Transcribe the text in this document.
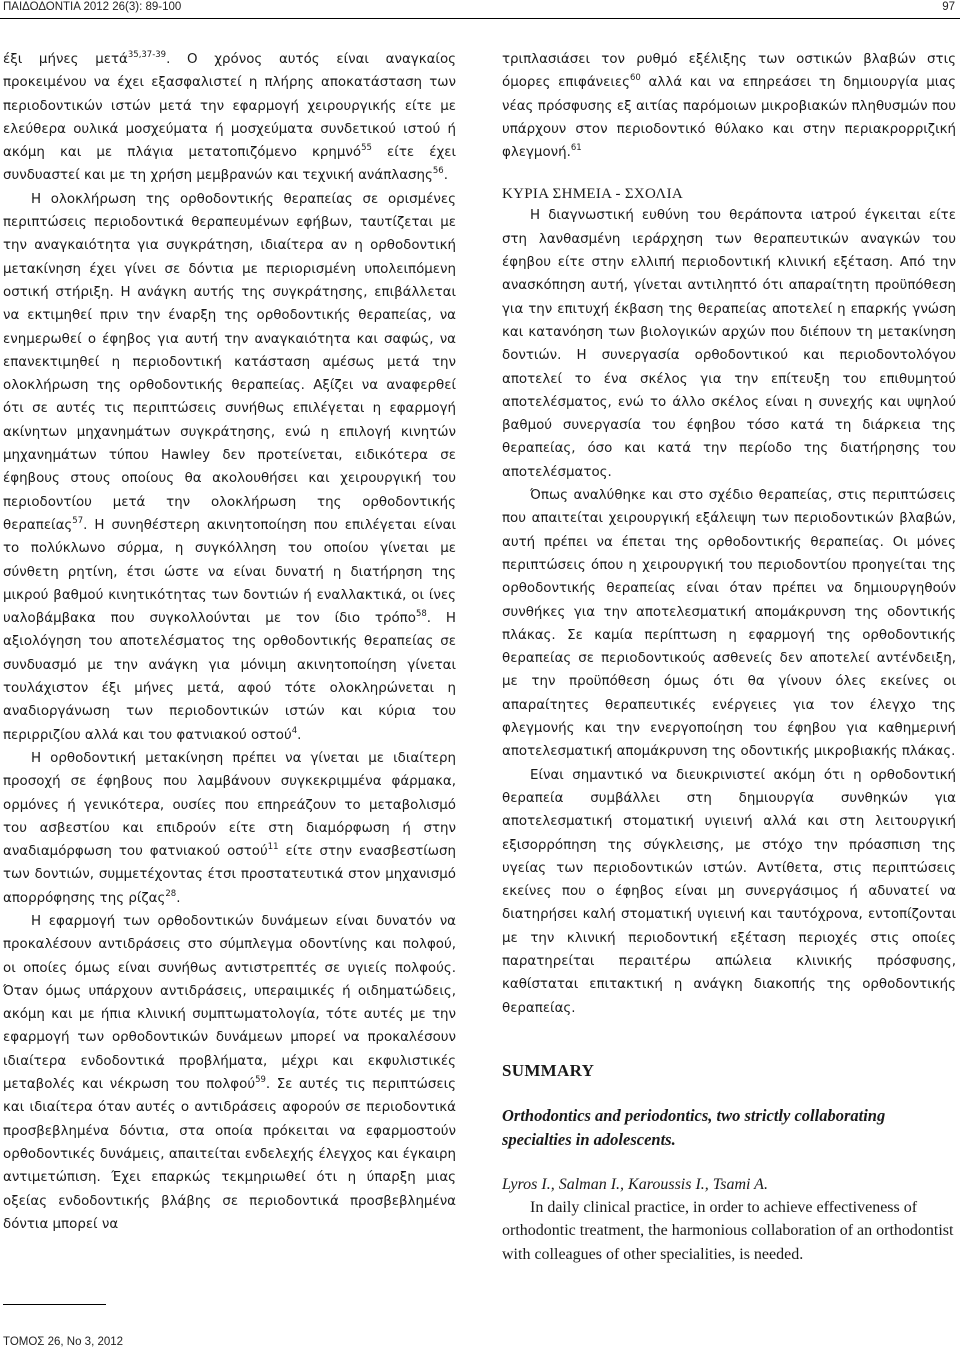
ΠΑΙΔΟΔΟΝΤΙΑ 2012 26(3): 89-100	97

έξι μήνες μετά$^{35,37-39}$. Ο χρόνος αυτός είναι αναγκαίος προκειμένου να έχει εξασφαλιστεί η πλήρης αποκατάσταση των περιοδοντικών ιστών μετά την εφαρμογή χειρουργικής είτε με ελεύθερα ουλικά μοσχεύματα ή μοσχεύματα συνδετικού ιστού ή ακόμη και με πλάγια μετατοπιζόμενο κρημνό$^{55}$ είτε έχει συνδυαστεί και με τη χρήση μεμβρανών και τεχνική ανάπλασης$^{56}$.

Η ολοκλήρωση της ορθοδοντικής θεραπείας σε ορισμένες περιπτώσεις περιοδοντικά θεραπευμένων εφήβων, ταυτίζεται με την αναγκαιότητα για συγκράτηση, ιδιαίτερα αν η ορθοδοντική μετακίνηση έχει γίνει σε δόντια με περιορισμένη υπολειπόμενη οστική στήριξη. Η ανάγκη αυτής της συγκράτησης, επιβάλλεται να εκτιμηθεί πριν την έναρξη της ορθοδοντικής θεραπείας, να ενημερωθεί ο έφηβος για αυτή την αναγκαιότητα και σαφώς, να επανεκτιμηθεί η περιοδοντική κατάσταση αμέσως μετά την ολοκλήρωση της ορθοδοντικής θεραπείας. Αξίζει να αναφερθεί ότι σε αυτές τις περιπτώσεις συνήθως επιλέγεται η εφαρμογή ακίνητων μηχανημάτων συγκράτησης, ενώ η επιλογή κινητών μηχανημάτων τύπου Hawley δεν προτείνεται, ειδικότερα σε έφηβους στους οποίους θα ακολουθήσει και χειρουργική του περιοδοντίου μετά την ολοκλήρωση της ορθοδοντικής θεραπείας$^{57}$. Η συνηθέστερη ακινητοποίηση που επιλέγεται είναι το πολύκλωνο σύρμα, η συγκόλληση του οποίου γίνεται με σύνθετη ρητίνη, έτσι ώστε να είναι δυνατή η διατήρηση της μικρού βαθμού κινητικότητας των δοντιών ή εναλλακτικά, οι ίνες υαλοβάμβακα που συγκολλούνται με τον ίδιο τρόπο$^{58}$. Η αξιολόγηση του αποτελέσματος της ορθοδοντικής θεραπείας σε συνδυασμό με την ανάγκη για μόνιμη ακινητοποίηση γίνεται τουλάχιστον έξι μήνες μετά, αφού τότε ολοκληρώνεται η αναδιοργάνωση των περιοδοντικών ιστών και κύρια του περιρριζίου αλλά και του φατνιακού οστού$^4$.

Η ορθοδοντική μετακίνηση πρέπει να γίνεται με ιδιαίτερη προσοχή σε έφηβους που λαμβάνουν συγκεκριμμένα φάρμακα, ορμόνες ή γενικότερα, ουσίες που επηρεάζουν το μεταβολισμό του ασβεστίου και επιδρούν είτε στη διαμόρφωση ή στην αναδιαμόρφωση του φατνιακού οστού$^{11}$ είτε στην ενασβεστίωση των δοντιών, συμμετέχοντας έτσι προστατευτικά στον μηχανισμό απορρόφησης της ρίζας$^{28}$.

Η εφαρμογή των ορθοδοντικών δυνάμεων είναι δυνατόν να προκαλέσουν αντιδράσεις στο σύμπλεγμα οδοντίνης και πολφού, οι οποίες όμως είναι συνήθως αντιστρεπτές σε υγιείς πολφούς. Όταν όμως υπάρχουν αντιδράσεις, υπεραιμικές ή οιδηματώδεις, ακόμη και με ήπια κλινική συμπτωματολογία, τότε αυτές με την εφαρμογή των ορθοδοντικών δυνάμεων μπορεί να προκαλέσουν ιδιαίτερα ενδοδοντικά προβλήματα, μέχρι και εκφυλιστικές μεταβολές και νέκρωση του πολφού$^{59}$. Σε αυτές τις περιπτώσεις και ιδιαίτερα όταν αυτές ο αντιδράσεις αφορούν σε περιοδοντικά προσβεβλημένα δόντια, στα οποία πρόκειται να εφαρμοστούν ορθοδοντικές δυνάμεις, απαιτείται ενδελεχής έλεγχος και έγκαιρη αντιμετώπιση. Έχει επαρκώς τεκμηριωθεί ότι η ύπαρξη μιας οξείας ενδοδοντικής βλάβης σε περιοδοντικά προσβεβλημένα δόντια μπορεί να

τριπλασιάσει τον ρυθμό εξέλιξης των οστικών βλαβών στις όμορες επιφάνειες$^{60}$ αλλά και να επηρεάσει τη δημιουργία μιας νέας πρόσφυσης εξ αιτίας παρόμοιων μικροβιακών πληθυσμών που υπάρχουν στον περιοδοντικό θύλακο και στην περιακρορριζική φλεγμονή.$^{61}$

ΚΥΡΙΑ ΣΗΜΕΙΑ - ΣΧΟΛΙΑ

Η διαγνωστική ευθύνη του θεράποντα ιατρού έγκειται είτε στη λανθασμένη ιεράρχηση των θεραπευτικών αναγκών του έφηβου είτε στην ελλιπή περιοδοντική κλινική εξέταση. Από την ανασκόπηση αυτή, γίνεται αντιληπτό ότι απαραίτητη προϋπόθεση για την επιτυχή έκβαση της θεραπείας αποτελεί η επαρκής γνώση και κατανόηση των βιολογικών αρχών που διέπουν τη μετακίνηση δοντιών. Η συνεργασία ορθοδοντικού και περιοδοντολόγου αποτελεί το ένα σκέλος για την επίτευξη του επιθυμητού αποτελέσματος, ενώ το άλλο σκέλος είναι η συνεχής και υψηλού βαθμού συνεργασία του έφηβου τόσο κατά τη διάρκεια της θεραπείας, όσο και κατά την περίοδο της διατήρησης του αποτελέσματος.

Όπως αναλύθηκε και στο σχέδιο θεραπείας, στις περιπτώσεις που απαιτείται χειρουργική εξάλειψη των περιοδοντικών βλαβών, αυτή πρέπει να έπεται της ορθοδοντικής θεραπείας. Οι μόνες περιπτώσεις όπου η χειρουργική του περιοδοντίου προηγείται της ορθοδοντικής θεραπείας είναι όταν πρέπει να δημιουργηθούν συνθήκες για την αποτελεσματική απομάκρυνση της οδοντικής πλάκας. Σε καμία περίπτωση η εφαρμογή της ορθοδοντικής θεραπείας σε περιοδοντικούς ασθενείς δεν αποτελεί αντένδειξη, με την προϋπόθεση όμως ότι θα γίνουν όλες εκείνες οι απαραίτητες θεραπευτικές ενέργειες για τον έλεγχο της φλεγμονής και την ενεργοποίηση του έφηβου για καθημερινή αποτελεσματική απομάκρυνση της οδοντικής μικροβιακής πλάκας.

Είναι σημαντικό να διευκρινιστεί ακόμη ότι η ορθοδοντική θεραπεία συμβάλλει στη δημιουργία συνθηκών για αποτελεσματική στοματική υγιεινή αλλά και στη λειτουργική εξισορρόπηση της σύγκλεισης, με στόχο την πρόασπιση της υγείας των περιοδοντικών ιστών. Αντίθετα, στις περιπτώσεις εκείνες που ο έφηβος είναι μη συνεργάσιμος ή αδυνατεί να διατηρήσει καλή στοματική υγιεινή και ταυτόχρονα, εντοπίζονται με την κλινική περιοδοντική εξέταση περιοχές στις οποίες παρατηρείται περαιτέρω απώλεια κλινικής πρόσφυσης, καθίσταται επιτακτική η ανάγκη διακοπής της ορθοδοντικής θεραπείας.

SUMMARY
Orthodontics and periodontics, two strictly collaborating specialties in adolescents.
Lyros I., Salman I., Karoussis I., Tsami A.

In daily clinical practice, in order to achieve effectiveness of orthodontic treatment, the harmonious collaboration of an orthodontist with colleagues of other specialities, is needed.

ΤΟΜΟΣ 26, Νο 3, 2012
